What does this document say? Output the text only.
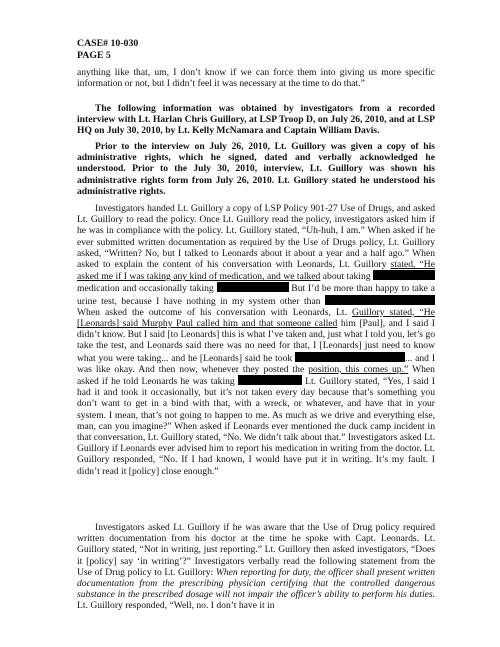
CASE# 10-030
PAGE 5

anything like that, um, I don’t know if we can force them into giving us more specific information or not, but I didn’t feel it was necessary at the time to do that.”

The following information was obtained by investigators from a recorded interview with Lt. Harlan Chris Guillory, at LSP Troop D, on July 26, 2010, and at LSP HQ on July 30, 2010, by Lt. Kelly McNamara and Captain William Davis.

Prior to the interview on July 26, 2010, Lt. Guillory was given a copy of his administrative rights, which he signed, dated and verbally acknowledged he understood. Prior to the July 30, 2010, interview, Lt. Guillory was shown his administrative rights form from July 26, 2010. Lt. Guillory stated he understood his administrative rights.

Investigators handed Lt. Guillory a copy of LSP Policy 901-27 Use of Drugs, and asked Lt. Guillory to read the policy. Once Lt. Guillory read the policy, investigators asked him if he was in compliance with the policy. Lt. Guillory stated, “Uh-huh, I am.” When asked if he ever submitted written documentation as required by the Use of Drugs policy, Lt. Guillory asked, “Written? No, but I talked to Leonards about it about a year and a half ago.” When asked to explain the content of his conversation with Leonards, Lt. Guillory stated, “He asked me if I was taking any kind of medication, and we talked about taking  medication and occasionally taking	But I’d be more than happy to take a urine test, because I have nothing in my system other than  When asked the outcome of his conversation with Leonards, Lt. Guillory stated, “He [Leonards] said Murphy Paul called him and that someone called him [Paul], and I said I didn’t know. But I said [to Leonards] this is what I’ve taken and, just what I told you, let’s go take the test, and Leonards said there was no need for that, I [Leonards] just need to know what you were taking... and he [Leonards] said he took	... and I was like okay. And then now, whenever they posted the position, this comes up.” When asked if he told Leonards he was taking	Lt. Guillory stated, “Yes, I said I had it and took it occasionally, but it’s not taken every day because that’s something you don’t want to get in a bind with that, with a wreck, or whatever, and have that in your system. I mean, that’s not going to happen to me. As much as we drive and everything else, man, can you imagine?” When asked if Leonards ever mentioned the duck camp incident in that conversation, Lt. Guillory stated, “No. We didn’t talk about that.” Investigators asked Lt. Guillory if Leonards ever advised him to report his medication in writing from the doctor. Lt. Guillory responded, “No. If I had known, I would have put it in writing. It’s my fault. I didn’t read it [policy] close enough.”

Investigators asked Lt. Guillory if he was aware that the Use of Drug policy required written documentation from his doctor at the time he spoke with Capt. Leonards. Lt. Guillory stated, “Not in writing, just reporting.” Lt. Guillory then asked investigators, “Does it [policy] say ‘in writing’?” Investigators verbally read the following statement from the Use of Drug policy to Lt. Guillory: When reporting for duty, the officer shall present written documentation from the prescribing physician certifying that the controlled dangerous substance in the prescribed dosage will not impair the officer’s ability to perform his duties. Lt. Guillory responded, “Well, no. I don’t have it in
